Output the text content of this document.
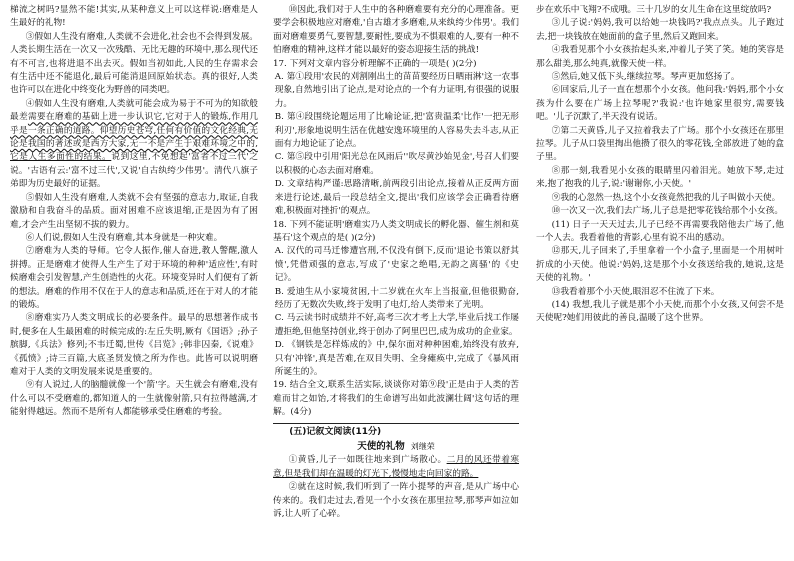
梯流之树吗?显然不能!其实,从某种意义上可以这样说:磨难是人生最好的礼物!

③假如人生没有磨难,人类就不会进化,社会也不会得到发展。人类长期生活在一次又一次残酷、无比无趣的环境中,那么现代还有不可言,也将进退不出去灭。假如当初如此,人民的生存需求会有生活中还不能退化,最后可能消退回原始状态。真的很好,人类也许可以在进化中终变化为野兽的同类吧。

④假如人生没有磨难,人类就可能会成为易于不可为的知欲般最差需要在磨难的基础上进一步认识它,它对于人的锻炼,作用几乎是一条正确的道路。仰望历史苍穹,任何有价值的文化经典,无论是我国的著述或是西方大家,无一不是产生于艰难环境之中的,它是人生多面性的结果。说到这里,不免想起'富者不过三代'之说。'古语有云:'富不过三代',又说'自古纨绔少伟男'。清代八旗子弟即为历史最好的证据。

⑤假如人生没有磨难,人类就不会有坚强的意志力,取证,自我激励和自我奋斗的品质。面对困难不应该退缩,正是因为有了困难,才会产生出坚韧不拔的毅力。

⑥人们说,假如人生没有磨难,其本身就是一种灾难。

⑦磨难为人类的导师。它令人振作,催人奋进,教人警醒,激人拼搏。正是磨难才使得人生产生了对于环境的种种'适应性',有时候磨难会引发智慧,产生创造性的火花。环境变异时人们便有了新的想法。磨难的作用不仅在于人的意志和品质,还在于对人的才能的锻炼。

⑧磨难实乃人类文明成长的必要条件。最早的思想著作成书时,便多在人生最困难的时候完成的:左丘失明,厥有《国语》;孙子膑脚,《兵法》修列;不韦迁蜀,世传《吕览》;韩非囚秦,《说难》《孤愤》;诗三百篇,大底圣贤发愤之所为作也。此皆可以说明磨难对于人类的文明发展来说是重要的。

⑨有人说过,人的脑髓就像一个'箭'字。天生就会有磨难,没有什么可以不受磨难的,都知道人的一生就像射箭,只有拉得越满,才能射得越远。然而不是所有人都能够承受住磨难的考验。

⑩因此,我们对于人生中的各种磨难要有充分的心理准备。更要学会积极地应对磨难,'自古雄才多磨难,从来纨绔少伟男'。我们面对磨难要勇气,要智慧,要耐性,要成为不惧艰难的人,要有一种不怕磨难的精神,这样才能以最好的姿态迎接生活的挑战!

17. 下列对文章内容分析理解不正确的一项是( )(2分)

A. 第①段用'农民的刈割刚出土的苗苗要经历日晒雨淋'这一农事现象,自然地引出了论点,是对论点的一个有力证明,有很强的说服力。

B. 第④段围绕论题运用了比喻论证,把'富贵温柔'比作'一把无形利刃',形象地说明生活在优越安逸环境里的人容易失去斗志,从正面有力地论证了论点。

C. 第⑤段中引用'阳光总在风雨后''吹尽黄沙始见金',号召人们要以积极的心态去面对磨难。

D. 文章结构严谨:思路清晰,前两段引出论点,接着从正反两方面来进行论述,最后一段总结全文,提出'我们应该学会正确看待磨难,积极面对挫折'的观点。

18. 下列不能证明'磨难实乃人类文明成长的孵化器、催生剂和莫基石'这个观点的是( )(2分)

A. 汉代的司马迁惨遭宫刑,不仅没有倒下,反而'退论书策以舒其愤',凭借顽强的意志,写成了'史家之绝唱,无韵之离骚'的《史记》。

B. 爱迪生从小家境贫困,十二岁就在火车上当报童,但他很勤奋,经历了无数次失败,终于发明了电灯,给人类带来了光明。

C. 马云读书时成绩并不好,高考三次才考上大学,毕业后找工作屡遭拒绝,但他坚持创业,终于创办了阿里巴巴,成为成功的企业家。

D. 《钢铁是怎样炼成的》中,保尔面对种种困难,始终没有放弃,只有'冲锋',真是苦难,在双目失明、全身瘫痪中,完成了《暴风雨所诞生的》。

19. 结合全文,联系生活实际,谈谈你对第⑨段'正是由于人类的苦难而甘之如饴,才将我们的生命谱写出如此波澜壮阔'这句话的理解。(4分)

(五)记叙文阅读(11分)

天使的礼物 刘继荣

①黄昏,儿子一如既往地来到广场散心。二月的风还带着寒意,但是我们却在温暖的灯光下,慢慢地走向回家的路。

②就在这时候,我们听到了一阵小提琴的声音,是从广场中心传来的。我们走过去,看见一个小女孩在那里拉琴,那琴声如泣如诉,让人听了心碎。

步在欢乐中飞翔?不成哦。三十几岁的女儿生命在这里绽放吗?

③儿子说:'妈妈,我可以给她一块钱吗?'我点点头。儿子跑过去,把一块钱放在她面前的盒子里,然后又跑回来。

④我看见那个小女孩抬起头来,冲着儿子笑了笑。她的笑容是那么甜美,那么纯真,就像天使一样。

⑤然后,她又低下头,继续拉琴。琴声更加悠扬了。

⑥回家后,儿子一直在想那个小女孩。他问我:'妈妈,那个小女孩为什么要在广场上拉琴呢?'我说:'也许她家里很穷,需要钱吧。'儿子沉默了,半天没有说话。

⑦第二天黄昏,儿子又拉着我去了广场。那个小女孩还在那里拉琴。儿子从口袋里掏出他攒了很久的零花钱,全部放进了她的盒子里。

⑧那一刻,我看见小女孩的眼睛里闪着泪光。她放下琴,走过来,抱了抱我的儿子,说:'谢谢你,小天使。'

⑨我的心忽然一热,这个小女孩竟然把我的儿子叫做小天使。

⑩一次又一次,我们去广场,儿子总是把零花钱给那个小女孩。

(11) 日子一天天过去,儿子已经不再需要我陪他去广场了,他一个人去。我看着他的背影,心里有说不出的感动。

⑫那天,儿子回来了,手里拿着一个小盒子,里面是一个用树叶折成的小天使。他说:'妈妈,这是那个小女孩送给我的,她说,这是天使的礼物。'

⑬我看着那个小天使,眼泪忍不住流了下来。

(14) 我想,我儿子就是那个小天使,而那个小女孩,又何尝不是天使呢?她们用彼此的善良,温暖了这个世界。
